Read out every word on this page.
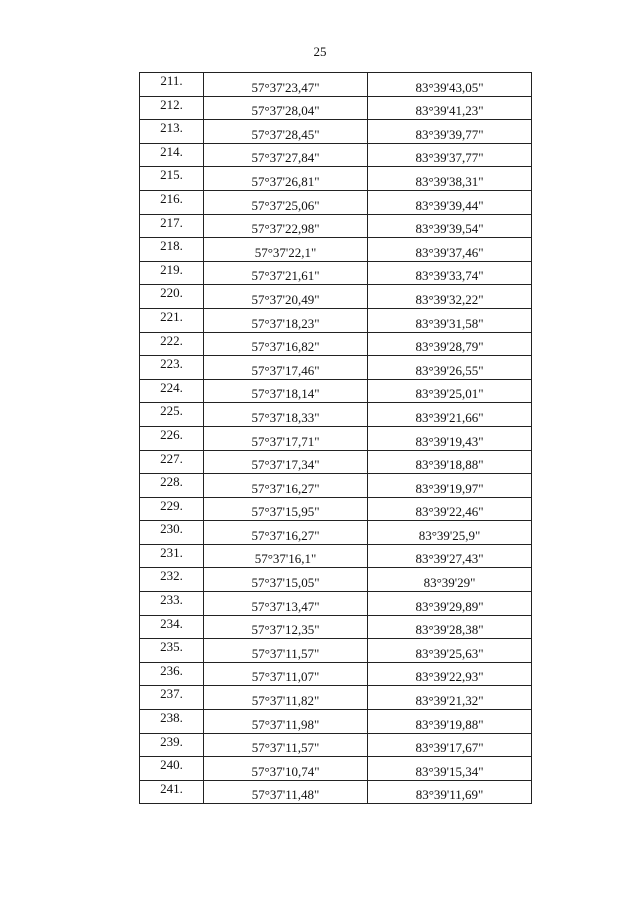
25
211.	57°37'23,47"	83°39'43,05"
212.	57°37'28,04"	83°39'41,23"
213.	57°37'28,45"	83°39'39,77"
214.	57°37'27,84"	83°39'37,77"
215.	57°37'26,81"	83°39'38,31"
216.	57°37'25,06"	83°39'39,44"
217.	57°37'22,98"	83°39'39,54"
218.	57°37'22,1"	83°39'37,46"
219.	57°37'21,61"	83°39'33,74"
220.	57°37'20,49"	83°39'32,22"
221.	57°37'18,23"	83°39'31,58"
222.	57°37'16,82"	83°39'28,79"
223.	57°37'17,46"	83°39'26,55"
224.	57°37'18,14"	83°39'25,01"
225.	57°37'18,33"	83°39'21,66"
226.	57°37'17,71"	83°39'19,43"
227.	57°37'17,34"	83°39'18,88"
228.	57°37'16,27"	83°39'19,97"
229.	57°37'15,95"	83°39'22,46"
230.	57°37'16,27"	83°39'25,9"
231.	57°37'16,1"	83°39'27,43"
232.	57°37'15,05"	83°39'29"
233.	57°37'13,47"	83°39'29,89"
234.	57°37'12,35"	83°39'28,38"
235.	57°37'11,57"	83°39'25,63"
236.	57°37'11,07"	83°39'22,93"
237.	57°37'11,82"	83°39'21,32"
238.	57°37'11,98"	83°39'19,88"
239.	57°37'11,57"	83°39'17,67"
240.	57°37'10,74"	83°39'15,34"
241.	57°37'11,48"	83°39'11,69"
